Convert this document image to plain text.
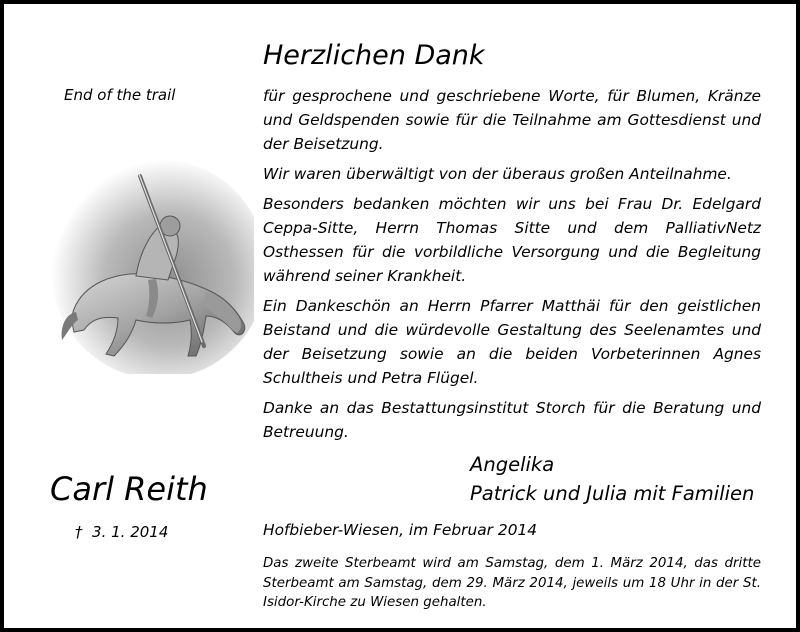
Herzlichen Dank
End of the trail
Carl Reith
† 3. 1. 2014

für gesprochene und geschriebene Worte, für Blumen, Kränze und Geldspenden sowie für die Teilnahme am Gottesdienst und der Beisetzung.

Wir waren überwältigt von der überaus großen Anteilnahme.

Besonders bedanken möchten wir uns bei Frau Dr. Edelgard Ceppa-Sitte, Herrn Thomas Sitte und dem PalliativNetz Osthessen für die vorbildliche Versorgung und die Begleitung während seiner Krankheit.

Ein Dankeschön an Herrn Pfarrer Matthäi für den geistlichen Beistand und die würdevolle Gestaltung des Seelenamtes und der Beisetzung sowie an die beiden Vorbeterinnen Agnes Schultheis und Petra Flügel.

Danke an das Bestattungsinstitut Storch für die Beratung und Betreuung.

Angelika
Patrick und Julia mit Familien
Hofbieber-Wiesen, im Februar 2014
Das zweite Sterbeamt wird am Samstag, dem 1. März 2014, das dritte Sterbeamt am Samstag, dem 29. März 2014, jeweils um 18 Uhr in der St. Isidor-Kirche zu Wiesen gehalten.
